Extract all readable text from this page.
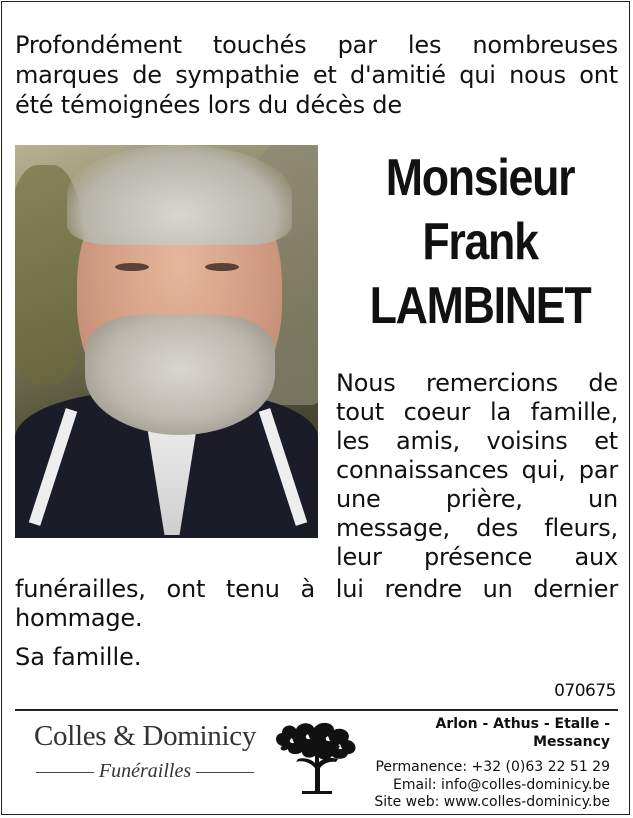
Profondément touchés par les nombreuses marques de sympathie et d'amitié qui nous ont été témoignées lors du décès de

Monsieur
Frank
LAMBINET
Nous remercions de
tout coeur la famille,
les amis, voisins et
connaissances qui, par
une prière, un
message, des fleurs,
leur présence aux
funérailles, ont tenu à lui rendre un dernier
hommage.
Sa famille.
070675
Colles & Dominicy
Funérailles
Arlon - Athus - Etalle - Messancy
Permanence: +32 (0)63 22 51 29
Email: info@colles-dominicy.be
Site web: www.colles-dominicy.be
